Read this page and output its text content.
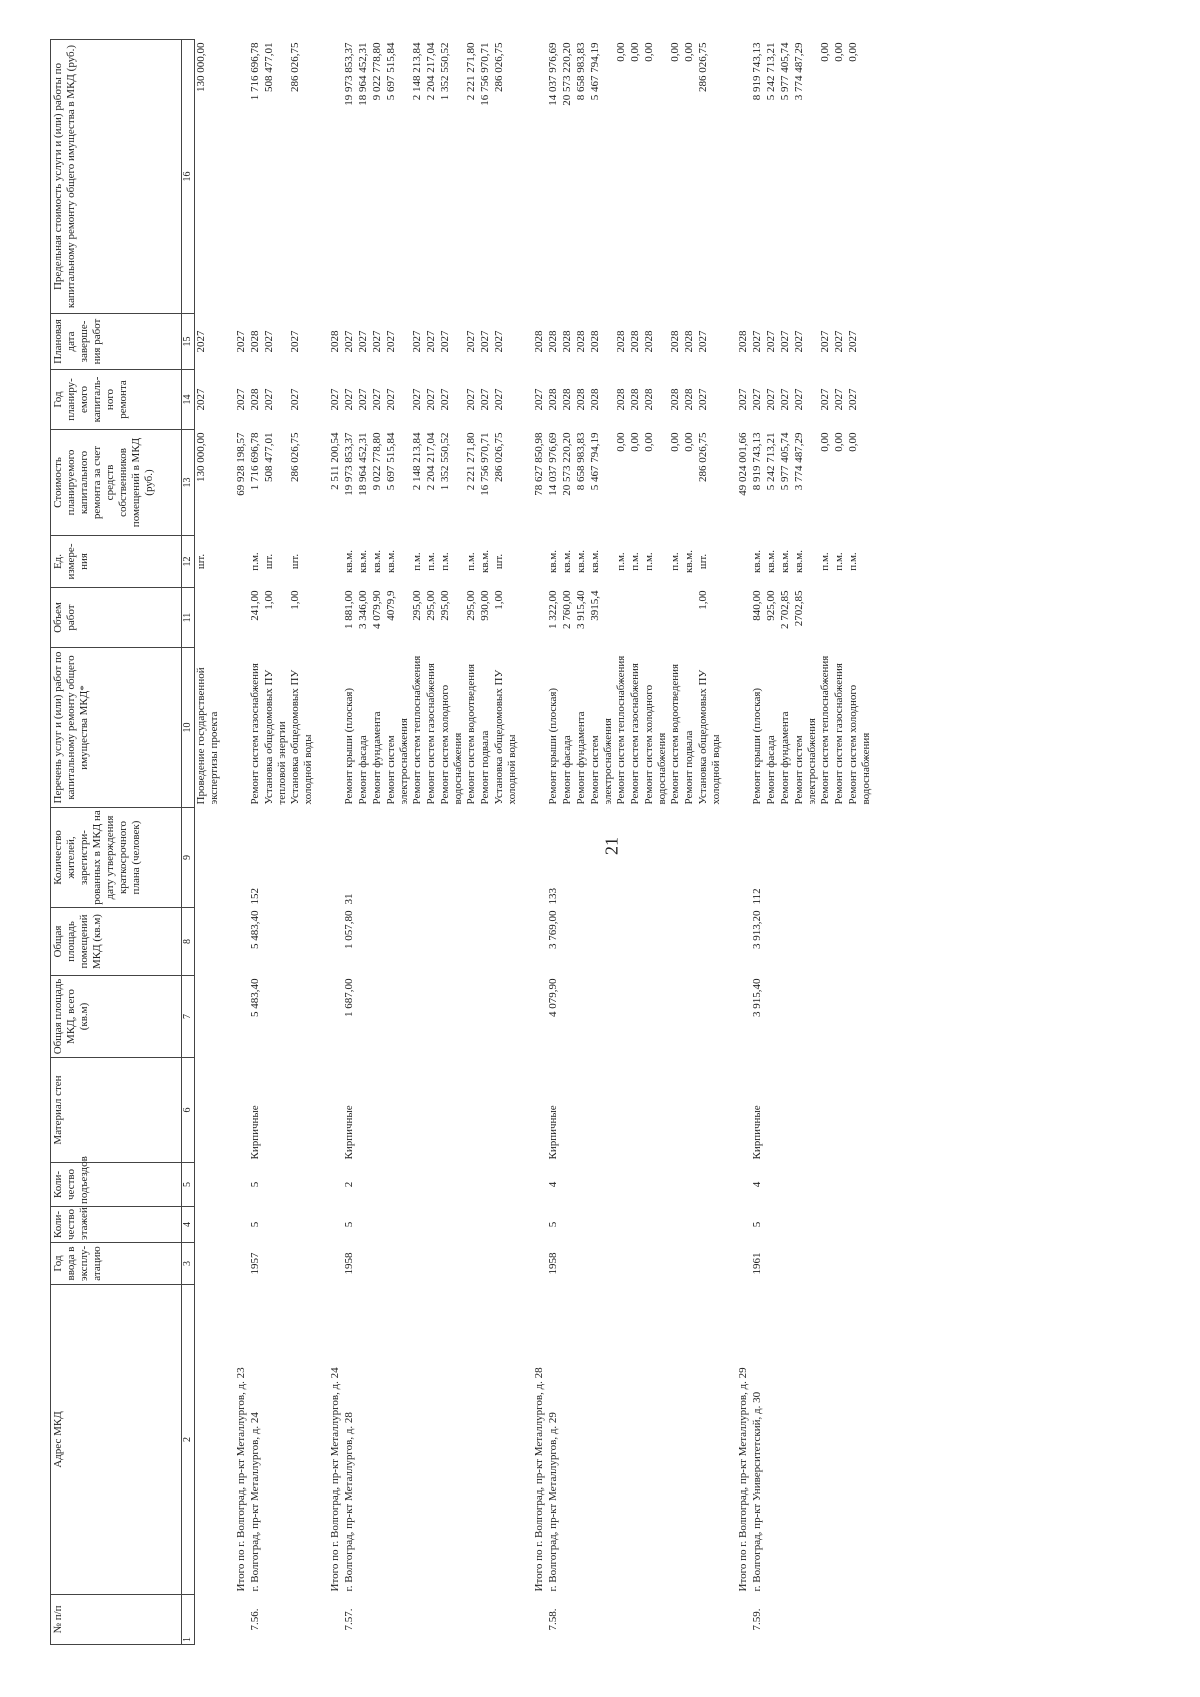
21
№ п/п	Адрес МКД	Год ввода в эксплу-атацию	Коли-чество этажей	Коли-чество подъездов	Материал стен	Общая площадь МКД, всего (кв.м)	Общая площадь помещений МКД (кв.м)	Количество жителей, зарегистри-рованных в МКД на дату утверждения краткосрочного плана (человек)	Перечень услуг и (или) работ по капитальному ремонту общего имущества МКД*	Объем работ	Ед. измере-ния	Стоимость планируемого капитального ремонта за счет средств собственников помещений в МКД (руб.)	Год планиру-емого капиталь-ного ремонта	Плановая дата заверше-ния работ	Предельная стоимость услуги и (или) работы по капитальному ремонту общего имущества в МКД (руб.)
1	2	3	4	5	6	7	8	9	10	11	12	13	14	15	16
									Проведение государственной экспертизы проекта		шт.	130 000,00	2027	2027	130 000,00

	Итого по г. Волгоград, пр-кт Металлургов, д. 23											69 928 198,57	2027	2027	
7.56.	г. Волгоград, пр-кт Металлургов, д. 24	1957	5	5	Кирпичные	5 483,40	5 483,40	152	Ремонт систем газоснабжения	241,00	п.м.	1 716 696,78	2028	2028	1 716 696,78
									Установка общедомовых ПУ тепловой энергии	1,00	шт.	508 477,01	2027	2027	508 477,01
									Установка общедомовых ПУ холодной воды	1,00	шт.	286 026,75	2027	2027	286 026,75

	Итого по г. Волгоград, пр-кт Металлургов, д. 24											2 511 200,54	2027	2028	
7.57.	г. Волгоград, пр-кт Металлургов, д. 28	1958	5	2	Кирпичные	1 687,00	1 057,80	31	Ремонт крыши (плоская)	1 881,00	кв.м.	19 973 853,37	2027	2027	19 973 853,37
									Ремонт фасада	3 346,00	кв.м.	18 964 452,31	2027	2027	18 964 452,31
									Ремонт фундамента	4 079,90	кв.м.	9 022 778,80	2027	2027	9 022 778,80
									Ремонт систем электроснабжения	4079,9	кв.м.	5 697 515,84	2027	2027	5 697 515,84
									Ремонт систем теплоснабжения	295,00	п.м.	2 148 213,84	2027	2027	2 148 213,84
									Ремонт систем газоснабжения	295,00	п.м.	2 204 217,04	2027	2027	2 204 217,04
									Ремонт систем холодного водоснабжения	295,00	п.м.	1 352 550,52	2027	2027	1 352 550,52
									Ремонт систем водоотведения	295,00	п.м.	2 221 271,80	2027	2027	2 221 271,80
									Ремонт подвала	930,00	кв.м.	16 756 970,71	2027	2027	16 756 970,71
									Установка общедомовых ПУ холодной воды	1,00	шт.	286 026,75	2027	2027	286 026,75

	Итого по г. Волгоград, пр-кт Металлургов, д. 28											78 627 850,98	2027	2028	
7.58.	г. Волгоград, пр-кт Металлургов, д. 29	1958	5	4	Кирпичные	4 079,90	3 769,00	133	Ремонт крыши (плоская)	1 322,00	кв.м.	14 037 976,69	2028	2028	14 037 976,69
									Ремонт фасада	2 760,00	кв.м.	20 573 220,20	2028	2028	20 573 220,20
									Ремонт фундамента	3 915,40	кв.м.	8 658 983,83	2028	2028	8 658 983,83
									Ремонт систем электроснабжения	3915,4	кв.м.	5 467 794,19	2028	2028	5 467 794,19
									Ремонт систем теплоснабжения		п.м.	0,00	2028	2028	0,00
									Ремонт систем газоснабжения		п.м.	0,00	2028	2028	0,00
									Ремонт систем холодного водоснабжения		п.м.	0,00	2028	2028	0,00
									Ремонт систем водоотведения		п.м.	0,00	2028	2028	0,00
									Ремонт подвала		кв.м.	0,00	2028	2028	0,00
									Установка общедомовых ПУ холодной воды	1,00	шт.	286 026,75	2027	2027	286 026,75

	Итого по г. Волгоград, пр-кт Металлургов, д. 29											49 024 001,66	2027	2028	
7.59.	г. Волгоград, пр-кт Университетский, д. 30	1961	5	4	Кирпичные	3 915,40	3 913,20	112	Ремонт крыши (плоская)	840,00	кв.м.	8 919 743,13	2027	2027	8 919 743,13
									Ремонт фасада	925,00	кв.м.	5 242 713,21	2027	2027	5 242 713,21
									Ремонт фундамента	2 702,85	кв.м.	5 977 405,74	2027	2027	5 977 405,74
									Ремонт систем электроснабжения	2702,85	кв.м.	3 774 487,29	2027	2027	3 774 487,29
									Ремонт систем теплоснабжения		п.м.	0,00	2027	2027	0,00
									Ремонт систем газоснабжения		п.м.	0,00	2027	2027	0,00
									Ремонт систем холодного водоснабжения		п.м.	0,00	2027	2027	0,00
